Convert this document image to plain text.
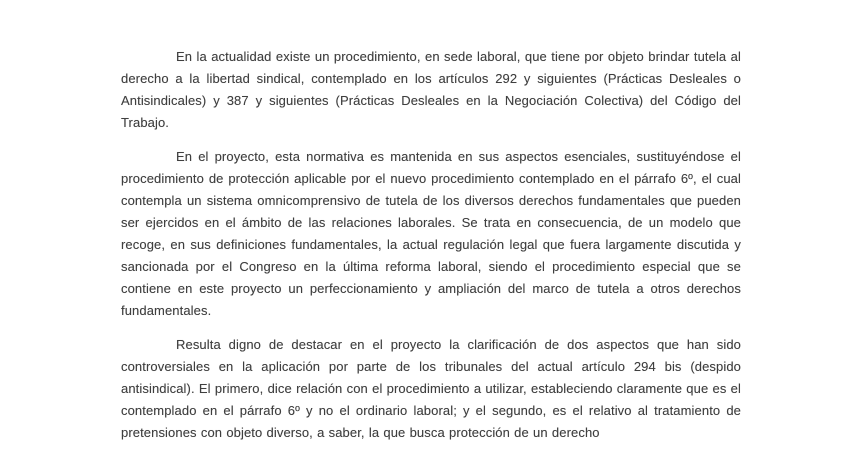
En la actualidad existe un procedimiento, en sede laboral, que tiene por objeto brindar tutela al derecho a la libertad sindical, contemplado en los artículos 292 y siguientes (Prácticas Desleales o Antisindicales) y 387 y siguientes (Prácticas Desleales en la Negociación Colectiva) del Código del Trabajo.

En el proyecto, esta normativa es mantenida en sus aspectos esenciales, sustituyéndose el procedimiento de protección aplicable por el nuevo procedimiento contemplado en el párrafo 6º, el cual contempla un sistema omnicomprensivo de tutela de los diversos derechos fundamentales que pueden ser ejercidos en el ámbito de las relaciones laborales. Se trata en consecuencia, de un modelo que recoge, en sus definiciones fundamentales, la actual regulación legal que fuera largamente discutida y sancionada por el Congreso en la última reforma laboral, siendo el procedimiento especial que se contiene en este proyecto un perfeccionamiento y ampliación del marco de tutela a otros derechos fundamentales.

Resulta digno de destacar en el proyecto la clarificación de dos aspectos que han sido controversiales en la aplicación por parte de los tribunales del actual artículo 294 bis (despido antisindical). El primero, dice relación con el procedimiento a utilizar, estableciendo claramente que es el contemplado en el párrafo 6º y no el ordinario laboral; y el segundo, es el relativo al tratamiento de pretensiones con objeto diverso, a saber, la que busca protección de un derecho
